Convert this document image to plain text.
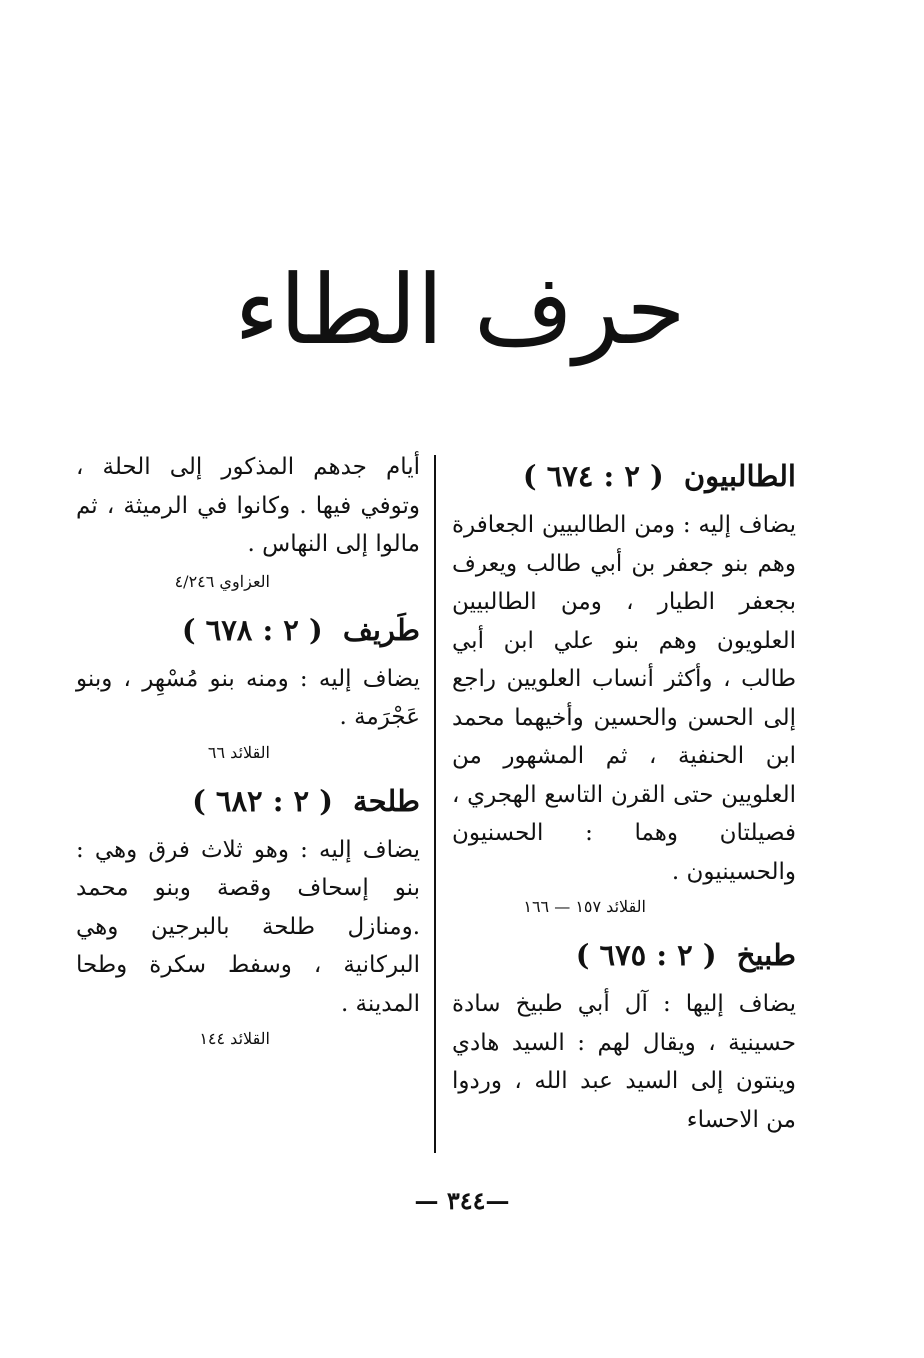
حرف الطاء
الطالبيون ( ٢ : ٦٧٤ )

يضاف إليه : ومن الطالبيين الجعافرة وهم بنو جعفر بن أبي طالب ويعرف بجعفر الطيار ، ومن الطالبيين العلويون وهم بنو علي ابن أبي طالب ، وأكثر أنساب العلويين راجع إلى الحسن والحسين وأخيهما محمد ابن الحنفية ، ثم المشهور من العلويين حتى القرن التاسع الهجري ، فصيلتان وهما : الحسنيون والحسينيون .

القلائد ١٥٧ — ١٦٦
طبيخ ( ٢ : ٦٧٥ )

يضاف إليها : آل أبي طبيخ سادة حسينية ، ويقال لهم : السيد هادي وينتون إلى السيد عبد الله ، وردوا من الاحساء

أيام جدهم المذكور إلى الحلة ، وتوفي فيها . وكانوا في الرميثة ، ثم مالوا إلى النهاس .

العزاوي ٤/٢٤٦
طَريف ( ٢ : ٦٧٨ )

يضاف إليه : ومنه بنو مُسْهِر ، وبنو عَجْرَمة .

القلائد ٦٦
طلحة ( ٢ : ٦٨٢ )

يضاف إليه : وهو ثلاث فرق وهي : بنو إسحاف وقصة وبنو محمد .ومنازل طلحة بالبرجين وهي البركانية ، وسفط سكرة وطحا المدينة .

القلائد ١٤٤
—٣٤٤ —
